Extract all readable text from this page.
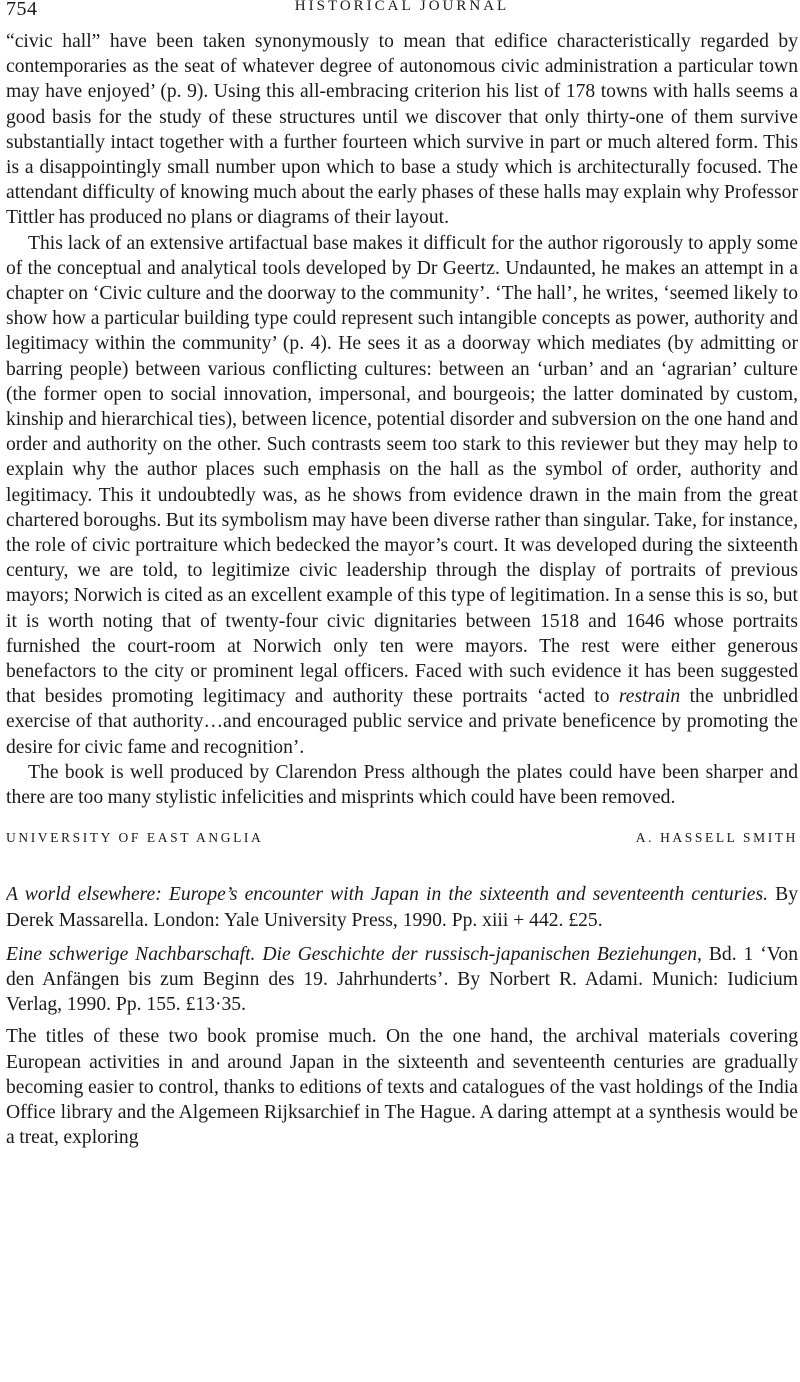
754	HISTORICAL JOURNAL

“civic hall” have been taken synonymously to mean that edifice characteristically regarded by contemporaries as the seat of whatever degree of autonomous civic administration a particular town may have enjoyed’ (p. 9). Using this all-embracing criterion his list of 178 towns with halls seems a good basis for the study of these structures until we discover that only thirty-one of them survive substantially intact together with a further fourteen which survive in part or much altered form. This is a disappointingly small number upon which to base a study which is architecturally focused. The attendant difficulty of knowing much about the early phases of these halls may explain why Professor Tittler has produced no plans or diagrams of their layout.

This lack of an extensive artifactual base makes it difficult for the author rigorously to apply some of the conceptual and analytical tools developed by Dr Geertz. Undaunted, he makes an attempt in a chapter on ‘Civic culture and the doorway to the community’. ‘The hall’, he writes, ‘seemed likely to show how a particular building type could represent such intangible concepts as power, authority and legitimacy within the community’ (p. 4). He sees it as a doorway which mediates (by admitting or barring people) between various conflicting cultures: between an ‘urban’ and an ‘agrarian’ culture (the former open to social innovation, impersonal, and bourgeois; the latter dominated by custom, kinship and hierarchical ties), between licence, potential disorder and subversion on the one hand and order and authority on the other. Such contrasts seem too stark to this reviewer but they may help to explain why the author places such emphasis on the hall as the symbol of order, authority and legitimacy. This it undoubtedly was, as he shows from evidence drawn in the main from the great chartered boroughs. But its symbolism may have been diverse rather than singular. Take, for instance, the role of civic portraiture which bedecked the mayor’s court. It was developed during the sixteenth century, we are told, to legitimize civic leadership through the display of portraits of previous mayors; Norwich is cited as an excellent example of this type of legitimation. In a sense this is so, but it is worth noting that of twenty-four civic dignitaries between 1518 and 1646 whose portraits furnished the court-room at Norwich only ten were mayors. The rest were either generous benefactors to the city or prominent legal officers. Faced with such evidence it has been suggested that besides promoting legitimacy and authority these portraits ‘acted to restrain the unbridled exercise of that authority…and encouraged public service and private beneficence by promoting the desire for civic fame and recognition’.

The book is well produced by Clarendon Press although the plates could have been sharper and there are too many stylistic infelicities and misprints which could have been removed.

UNIVERSITY OF EAST ANGLIA	A. HASSELL SMITH

A world elsewhere: Europe’s encounter with Japan in the sixteenth and seventeenth centuries. By Derek Massarella. London: Yale University Press, 1990. Pp. xiii + 442. £25.

Eine schwerige Nachbarschaft. Die Geschichte der russisch-japanischen Beziehungen, Bd. 1 ‘Von den Anfängen bis zum Beginn des 19. Jahrhunderts’. By Norbert R. Adami. Munich: Iudicium Verlag, 1990. Pp. 155. £13·35.

The titles of these two book promise much. On the one hand, the archival materials covering European activities in and around Japan in the sixteenth and seventeenth centuries are gradually becoming easier to control, thanks to editions of texts and catalogues of the vast holdings of the India Office library and the Algemeen Rijksarchief in The Hague. A daring attempt at a synthesis would be a treat, exploring
